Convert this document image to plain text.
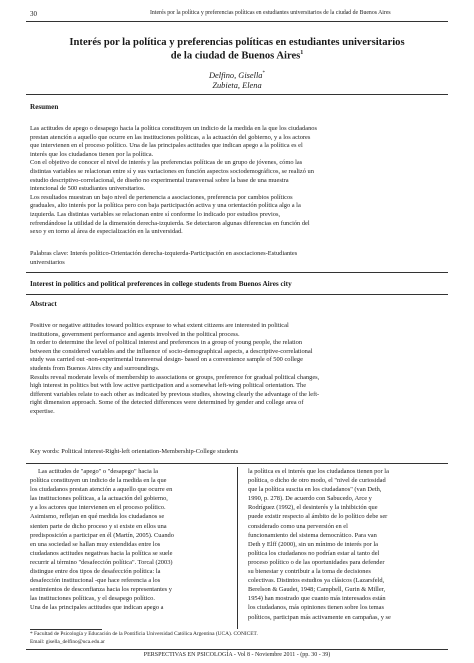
30	Interés por la política y preferencias políticas en estudiantes universitarios de la ciudad de Buenos Aires
Interés por la política y preferencias políticas en estudiantes universitarios
de la ciudad de Buenos Aires$^1$
Delfino, Gisella*
Zubieta, Elena
Resumen
Las actitudes de apego o desapego hacia la política constituyen un indicio de la medida en la que los ciudadanos
prestan atención a aquello que ocurre en las instituciones políticas, a la actuación del gobierno, y a los actores
que intervienen en el proceso político. Una de las principales actitudes que indican apego a la política es el
interés que los ciudadanos tienen por la política.
Con el objetivo de conocer el nivel de interés y las preferencias políticas de un grupo de jóvenes, cómo las
distintas variables se relacionan entre sí y sus variaciones en función aspectos sociodemográficos, se realizó un
estudio descriptivo-correlacional, de diseño no experimental transversal sobre la base de una muestra
intencional de 500 estudiantes universitarios.
Los resultados muestran un bajo nivel de pertenencia a asociaciones, preferencia por cambios políticos
graduales, alto interés por la política pero con baja participación activa y una orientación política algo a la
izquierda. Las distintas variables se relacionan entre sí conforme lo indicado por estudios previos,
refrendándose la utilidad de la dimensión derecha-izquierda. Se detectaron algunas diferencias en función del
sexo y en torno al área de especialización en la universidad.
Palabras clave: Interés político-Orientación derecha-izquierda-Participación en asociaciones-Estudiantes
universitarios
Interest in politics and political preferences in college students from Buenos Aires city
Abstract
Positive or negative attitudes toward politics exprase to what extent citizens are interested in political
institutions, government performance and agents involved in the political process.
In order to determine the level of political interest and preferences in a group of young people, the relation
between the considered variables and the influence of socio-demographical aspects, a descriptive-correlational
study was carried out -non-experimental transversal design- based on a convenience sample of 500 college
students from Buenos Aires city and surroundings.
Results reveal moderate levels of membership to associations or groups, preference for gradual political changes,
high interest in politics but with low active participation and a somewhat left-wing political orientation. The
different variables relate to each other as indicated by previous studies, showing clearly the advantage of the left-
right dimension approach. Some of the detected differences were determined by gender and college area of
expertise.
Key words: Political interest-Right-left orientation-Membership-College students
Las actitudes de "apego" o "desapego" hacia la
política constituyen un indicio de la medida en la que
los ciudadanos prestan atención a aquello que ocurre en
las instituciones políticas, a la actuación del gobierno,
y a los actores que intervienen en el proceso político.
Asimismo, reflejan en qué medida los ciudadanos se
sienten parte de dicho proceso y si existe en ellos una
predisposición a participar en él (Martín, 2005). Cuando
en una sociedad se hallan muy extendidas entre los
ciudadanos actitudes negativas hacia la política se suele
recurrir al término "desafección política". Torcal (2003)
distingue entre dos tipos de desafección política: la
desafección institucional -que hace referencia a los
sentimientos de desconfianza hacia los representantes y
las instituciones políticas, y el desapego político.
Una de las principales actitudes que indican apego a
la política es el interés que los ciudadanos tienen por la
política, o dicho de otro modo, el "nivel de curiosidad
que la política suscita en los ciudadanos" (van Deth,
1990, p. 278). De acuerdo con Sabucedo, Arce y
Rodríguez (1992), el desinterés y la inhibición que
puede existir respecto al ámbito de lo político debe ser
considerado como una perversión en el
funcionamiento del sistema democrático. Para van
Deth y Elff (2000), sin un mínimo de interés por la
política los ciudadanos no podrían estar al tanto del
proceso político o de las oportunidades para defender
su bienestar y contribuir a la toma de decisiones
colectivas. Distintos estudios ya clásicos (Lazarsfeld,
Berelson & Gaudet, 1948; Campbell, Gurin & Miller,
1954) han mostrado que cuanto más interesados están
los ciudadanos, más opiniones tienen sobre los temas
políticos, participan más activamente en campañas, y se
* Facultad de Psicología y Educación de la Pontificia Universidad Católica Argentina (UCA). CONICET.
Email: gisella_delfino@uca.edu.ar
PERSPECTIVAS EN PSICOLOGÍA - Vol 8 - Noviembre 2011 - (pp. 30 - 39)
